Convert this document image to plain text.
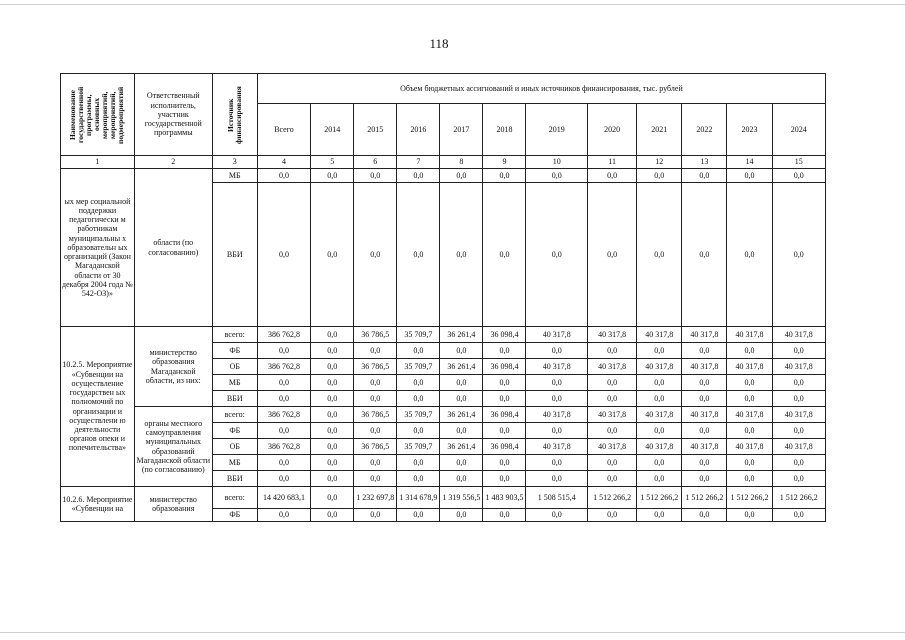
118
Наименование государственной программы, основных мероприятий, мероприятий, подмероприятий	Ответственный исполнитель, участник государственной программы	Источник финансирования	Объем бюджетных ассигнований и иных источников финансирования, тыс. рублей											
			Всего	2014	2015	2016	2017	2018	2019	2020	2021	2022	2023	2024
1	2	3	4	5	6	7	8	9	10	11	12	13	14	15
ых мер социальной поддержки педагогически м работникам муниципальны х образовательн ых организаций (Закон Магаданской области от 30 декабря 2004 года № 542-ОЗ)»	области (по согласованию)	МБ	0,0	0,0	0,0	0,0	0,0	0,0	0,0	0,0	0,0	0,0	0,0	0,0
		ВБИ	0,0	0,0	0,0	0,0	0,0	0,0	0,0	0,0	0,0	0,0	0,0	0,0
10.2.5. Мероприятие «Субвенции на осуществление государствен ых полномочий по организации и осуществлени ю деятельности органов опеки и попечительства»	министерство образования Магаданской области, из них:	всего:	386 762,8	0,0	36 786,5	35 709,7	36 261,4	36 098,4	40 317,8	40 317,8	40 317,8	40 317,8	40 317,8	40 317,8
		ФБ	0,0	0,0	0,0	0,0	0,0	0,0	0,0	0,0	0,0	0,0	0,0	0,0
		ОБ	386 762,8	0,0	36 786,5	35 709,7	36 261,4	36 098,4	40 317,8	40 317,8	40 317,8	40 317,8	40 317,8	40 317,8
		МБ	0,0	0,0	0,0	0,0	0,0	0,0	0,0	0,0	0,0	0,0	0,0	0,0
		ВБИ	0,0	0,0	0,0	0,0	0,0	0,0	0,0	0,0	0,0	0,0	0,0	0,0
	органы местного самоуправления муниципальных образований Магаданской области (по согласованию)	всего:	386 762,8	0,0	36 786,5	35 709,7	36 261,4	36 098,4	40 317,8	40 317,8	40 317,8	40 317,8	40 317,8	40 317,8
		ФБ	0,0	0,0	0,0	0,0	0,0	0,0	0,0	0,0	0,0	0,0	0,0	0,0
		ОБ	386 762,8	0,0	36 786,5	35 709,7	36 261,4	36 098,4	40 317,8	40 317,8	40 317,8	40 317,8	40 317,8	40 317,8
		МБ	0,0	0,0	0,0	0,0	0,0	0,0	0,0	0,0	0,0	0,0	0,0	0,0
		ВБИ	0,0	0,0	0,0	0,0	0,0	0,0	0,0	0,0	0,0	0,0	0,0	0,0
10.2.6. Мероприятие «Субвенции на	министерство образования	всего:	14 420 683,1	0,0	1 232 697,8	1 314 678,9	1 319 556,5	1 483 903,5	1 508 515,4	1 512 266,2	1 512 266,2	1 512 266,2	1 512 266,2	1 512 266,2
		ФБ	0,0	0,0	0,0	0,0	0,0	0,0	0,0	0,0	0,0	0,0	0,0	0,0
